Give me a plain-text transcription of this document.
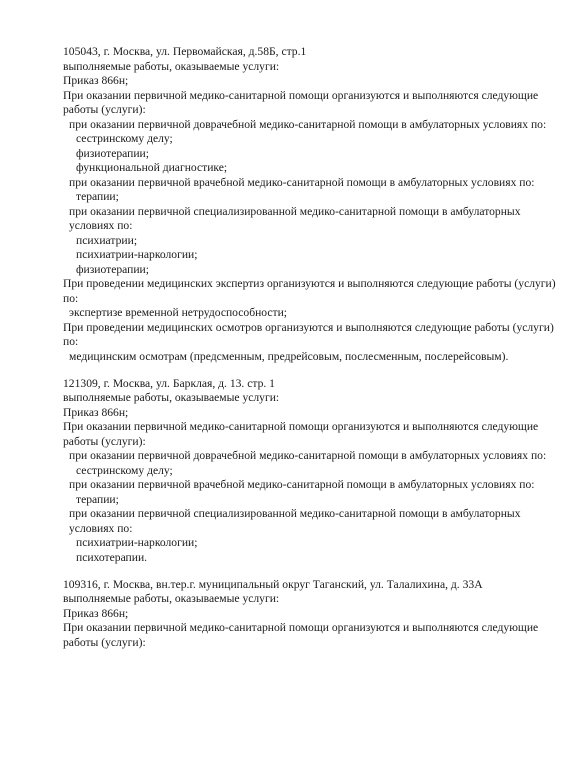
105043, г. Москва, ул. Первомайская, д.58Б, стр.1
выполняемые работы, оказываемые услуги:
Приказ 866н;
При оказании первичной медико-санитарной помощи организуются и выполняются следующие работы (услуги):
при оказании первичной доврачебной медико-санитарной помощи в амбулаторных условиях по:
сестринскому делу;
физиотерапии;
функциональной диагностике;
при оказании первичной врачебной медико-санитарной помощи в амбулаторных условиях по:
терапии;
при оказании первичной специализированной медико-санитарной помощи в амбулаторных условиях по:
психиатрии;
психиатрии-наркологии;
физиотерапии;
При проведении медицинских экспертиз организуются и выполняются следующие работы (услуги) по:
экспертизе временной нетрудоспособности;
При проведении медицинских осмотров организуются и выполняются следующие работы (услуги) по:
медицинским осмотрам (предсменным, предрейсовым, послесменным, послерейсовым).
121309, г. Москва, ул. Барклая, д. 13. стр. 1
выполняемые работы, оказываемые услуги:
Приказ 866н;
При оказании первичной медико-санитарной помощи организуются и выполняются следующие работы (услуги):
при оказании первичной доврачебной медико-санитарной помощи в амбулаторных условиях по:
сестринскому делу;
при оказании первичной врачебной медико-санитарной помощи в амбулаторных условиях по:
терапии;
при оказании первичной специализированной медико-санитарной помощи в амбулаторных условиях по:
психиатрии-наркологии;
психотерапии.
109316, г. Москва, вн.тер.г. муниципальный округ Таганский, ул. Талалихина, д. 33А
выполняемые работы, оказываемые услуги:
Приказ 866н;
При оказании первичной медико-санитарной помощи организуются и выполняются следующие работы (услуги):
